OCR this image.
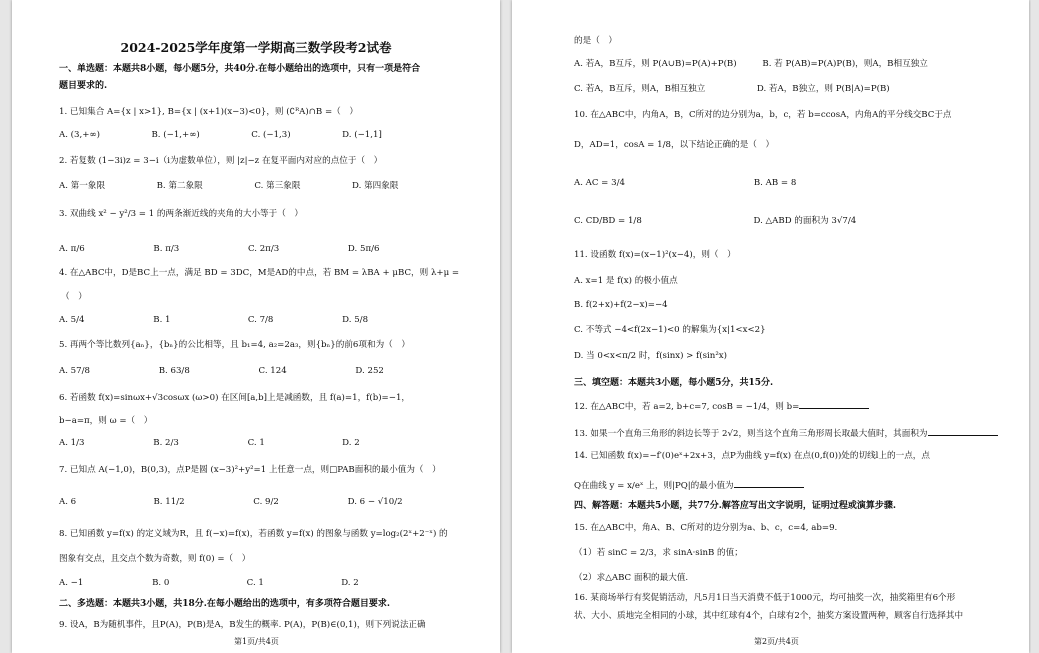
2024-2025学年度第一学期高三数学段考2试卷
一、单选题：本题共8小题，每小题5分，共40分.在每小题给出的选项中，只有一项是符合
题目要求的.
1. 已知集合 A={x | x>1}, B={x | (x+1)(x−3)<0}，则 (∁ᴿA)∩B =（　）
A. (3,+∞)　　　　　　B. (−1,+∞)　　　　　　C. (−1,3)　　　　　　D. (−1,1]
2. 若复数 (1−3i)z = 3−i（i为虚数单位），则 |z|−z 在复平面内对应的点位于（　）
A. 第一象限　　　　　　B. 第二象限　　　　　　C. 第三象限　　　　　　D. 第四象限
3. 双曲线 x² − y²/3 = 1 的两条渐近线的夹角的大小等于（　）
A. π/6　　　　　　　　B. π/3　　　　　　　　C. 2π/3　　　　　　　　D. 5π/6
4. 在△ABC中，D是BC上一点，满足 BD = 3DC，M是AD的中点，若 BM = λBA + μBC，则 λ+μ =
（　）
A. 5/4　　　　　　　　B. 1　　　　　　　　　C. 7/8　　　　　　　　D. 5/8
5. 再两个等比数列{aₙ}，{bₙ}的公比相等，且 b₁=4, a₂=2a₃，则{bₙ}的前6项和为（　）
A. 57/8　　　　　　　　B. 63/8　　　　　　　　C. 124　　　　　　　　D. 252
6. 若函数 f(x)=sinωx+√3cosωx (ω>0) 在区间[a,b]上是减函数，且 f(a)=1，f(b)=−1，
b−a=π，则 ω =（　）
A. 1/3　　　　　　　　B. 2/3　　　　　　　　C. 1　　　　　　　　　D. 2
7. 已知点 A(−1,0)，B(0,3)，点P是圆 (x−3)²+y²=1 上任意一点，则□PAB面积的最小值为（　）
A. 6　　　　　　　　　B. 11/2　　　　　　　　C. 9/2　　　　　　　　D. 6 − √10/2
8. 已知函数 y=f(x) 的定义域为R，且 f(−x)=f(x)，若函数 y=f(x) 的图象与函数 y=log₂(2ˣ+2⁻ˣ) 的
图象有交点，且交点个数为奇数，则 f(0) =（　）
A. −1　　　　　　　　B. 0　　　　　　　　　C. 1　　　　　　　　　D. 2
二、多选题：本题共3小题，共18分.在每小题给出的选项中，有多项符合题目要求.
9. 设A，B为随机事件，且P(A)，P(B)是A，B发生的概率. P(A)，P(B)∈(0,1)，则下列说法正确
第1页/共4页
的是（　）
A. 若A，B互斥，则 P(A∪B)=P(A)+P(B)　　　B. 若 P(AB)=P(A)P(B)，则A，B相互独立
C. 若A，B互斥，则A，B相互独立　　　　　　D. 若A，B独立，则 P(B|A)=P(B)
10. 在△ABC中，内角A，B，C所对的边分别为a，b，c，若 b=ccosA，内角A的平分线交BC于点
D，AD=1，cosA = 1/8，以下结论正确的是（　）
A. AC = 3/4　　　　　　　　　　　　　　　B. AB = 8
C. CD/BD = 1/8　　　　　　　　　　　　　D. △ABD 的面积为 3√7/4
11. 设函数 f(x)=(x−1)²(x−4)，则（　）
A. x=1 是 f(x) 的极小值点
B. f(2+x)+f(2−x)=−4
C. 不等式 −4<f(2x−1)<0 的解集为{x|1<x<2}
D. 当 0<x<π/2 时，f(sinx) > f(sin²x)
三、填空题：本题共3小题，每小题5分，共15分.
12. 在△ABC中，若 a=2, b+c=7, cosB = −1/4，则 b=
13. 如果一个直角三角形的斜边长等于 2√2，则当这个直角三角形周长取最大值时，其面积为
14. 已知函数 f(x)=−f′(0)eˣ+2x+3，点P为曲线 y=f(x) 在点(0,f(0))处的切线l上的一点，点
Q在曲线 y = x/eˣ 上，则|PQ|的最小值为
四、解答题：本题共5小题，共77分.解答应写出文字说明，证明过程或演算步骤.
15. 在△ABC中，角A、B、C所对的边分别为a、b、c，c=4, ab=9.
（1）若 sinC = 2/3，求 sinA·sinB 的值；
（2）求△ABC 面积的最大值.
16. 某商场举行有奖促销活动，凡5月1日当天消费不低于1000元，均可抽奖一次，抽奖箱里有6个形
状、大小、质地完全相同的小球，其中红球有4个，白球有2个，抽奖方案设置两种，顾客自行选择其中
第2页/共4页
